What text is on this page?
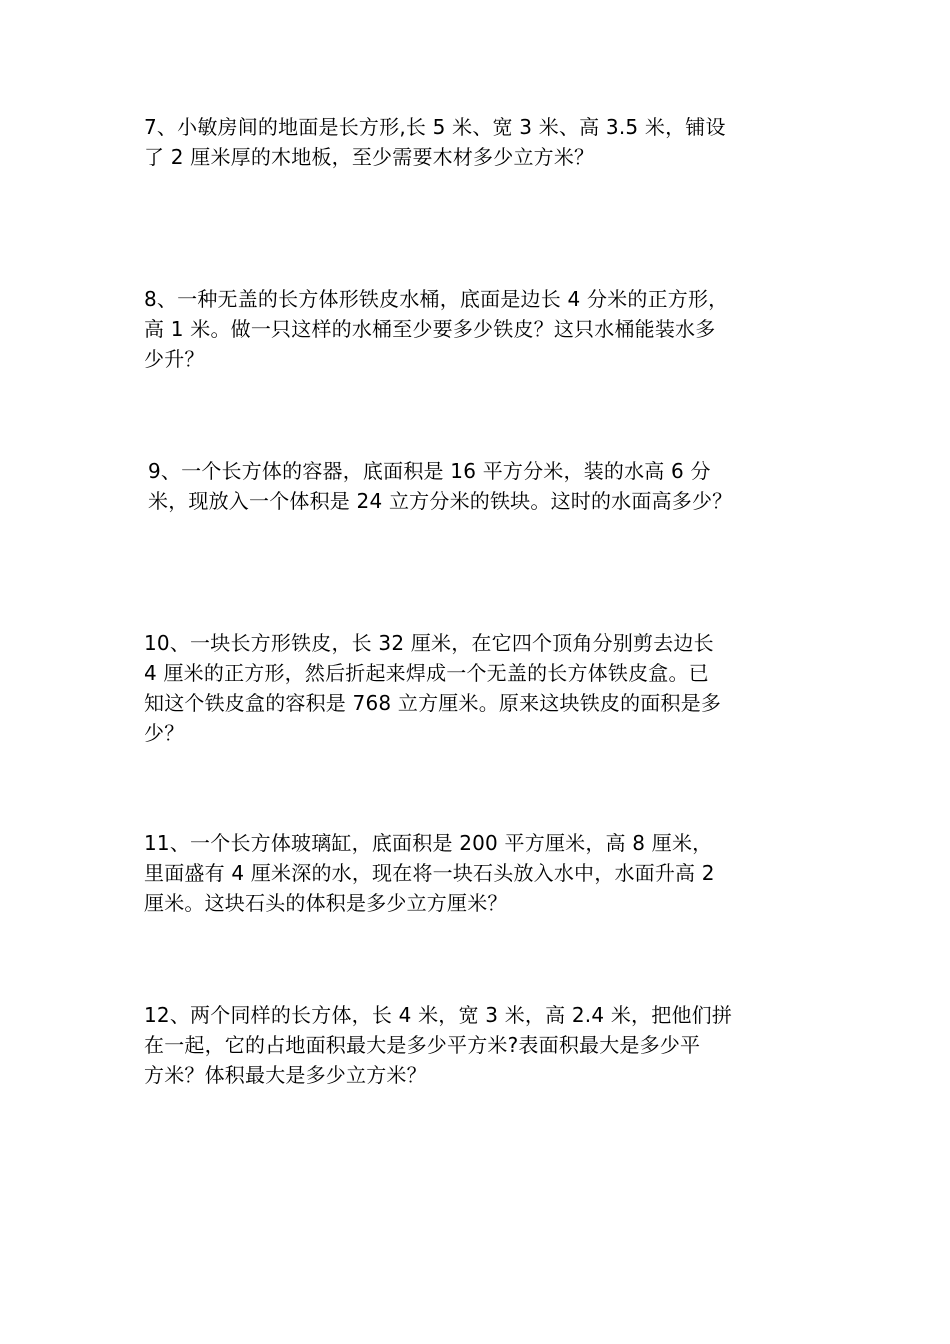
7、小敏房间的地面是长方形,长 5 米、宽 3 米、高 3.5 米，铺设
了 2 厘米厚的木地板，至少需要木材多少立方米？

8、一种无盖的长方体形铁皮水桶，底面是边长 4 分米的正方形，
高 1 米。做一只这样的水桶至少要多少铁皮？这只水桶能装水多
少升？

9、一个长方体的容器，底面积是 16 平方分米，装的水高 6 分
米，现放入一个体积是 24 立方分米的铁块。这时的水面高多少？

10、一块长方形铁皮，长 32 厘米，在它四个顶角分别剪去边长
4 厘米的正方形，然后折起来焊成一个无盖的长方体铁皮盒。已
知这个铁皮盒的容积是 768 立方厘米。原来这块铁皮的面积是多
少？

11、一个长方体玻璃缸，底面积是 200 平方厘米，高 8 厘米，
里面盛有 4 厘米深的水，现在将一块石头放入水中，水面升高 2
厘米。这块石头的体积是多少立方厘米？

12、两个同样的长方体，长 4 米，宽 3 米，高 2.4 米，把他们拼
在一起，它的占地面积最大是多少平方米?表面积最大是多少平
方米？体积最大是多少立方米？
